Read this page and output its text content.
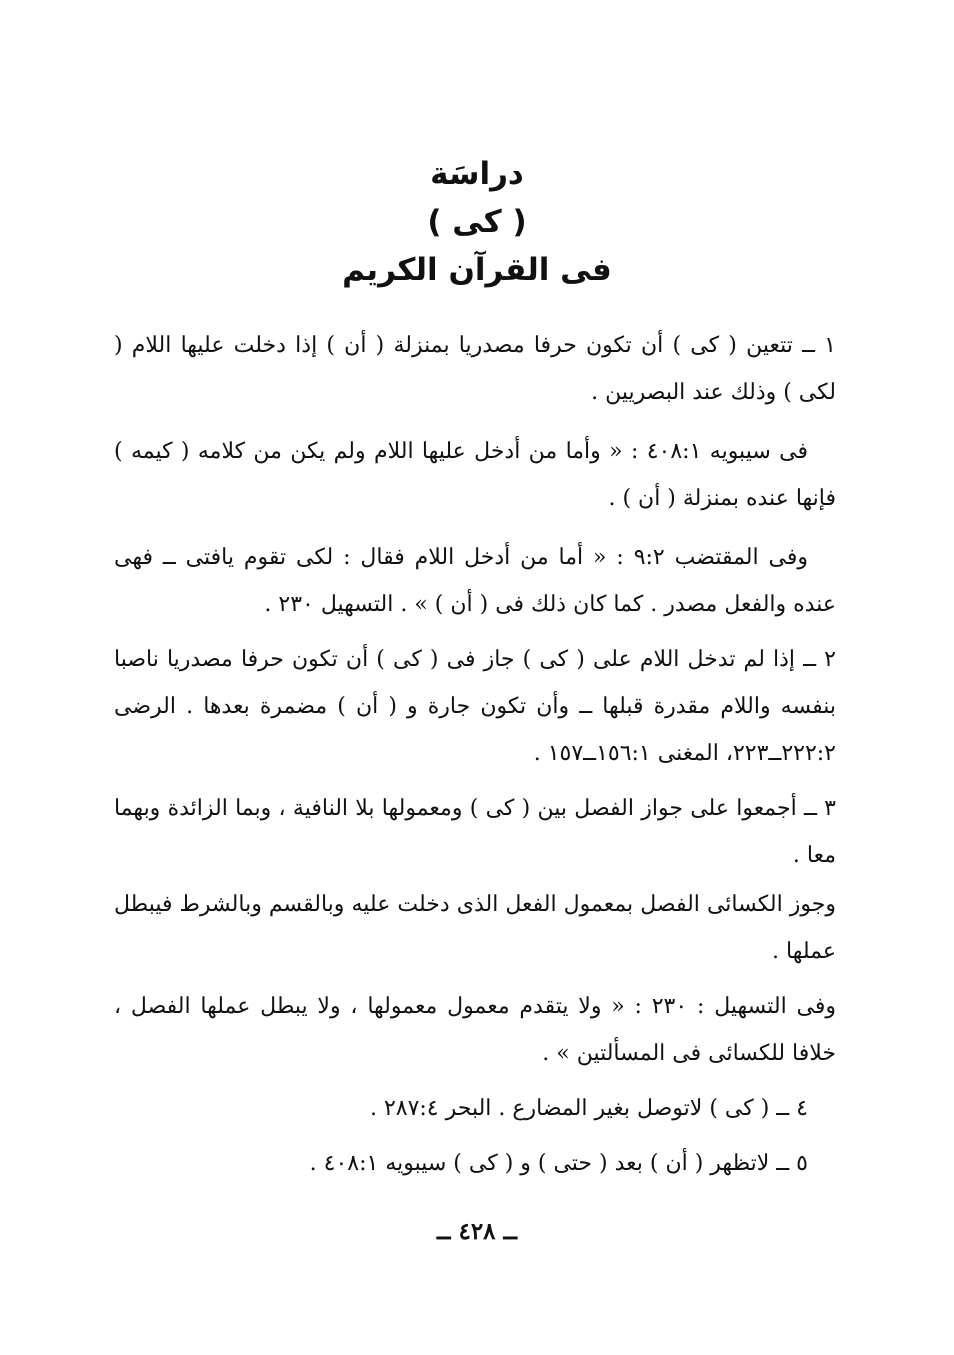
دراسَة

( كى )

فى القرآن الكريم

١ ــ تتعين ( كى ) أن تكون حرفا مصدريا بمنزلة ( أن ) إذا دخلت عليها اللام ( لكى ) وذلك عند البصريين .

فى سيبويه ٤٠٨:١ : « وأما من أدخل عليها اللام ولم يكن من كلامه ( كيمه ) فإنها عنده بمنزلة ( أن ) .

وفى المقتضب ٩:٢ : « أما من أدخل اللام فقال : لكى تقوم يافتى ــ فهى عنده والفعل مصدر . كما كان ذلك فى ( أن ) » . التسهيل ٢٣٠ .

٢ ــ إذا لم تدخل اللام على ( كى ) جاز فى ( كى ) أن تكون حرفا مصدريا ناصبا بنفسه واللام مقدرة قبلها ــ وأن تكون جارة و ( أن ) مضمرة بعدها . الرضى ٢٢٢:٢ــ٢٢٣، المغنى ١٥٦:١ــ١٥٧ .

٣ ــ أجمعوا على جواز الفصل بين ( كى ) ومعمولها بلا النافية ، وبما الزائدة وبهما معا .

وجوز الكسائى الفصل بمعمول الفعل الذى دخلت عليه وبالقسم وبالشرط فيبطل عملها .

وفى التسهيل : ٢٣٠ : « ولا يتقدم معمول معمولها ، ولا يبطل عملها الفصل ، خلافا للكسائى فى المسألتين » .

٤ ــ ( كى ) لاتوصل بغير المضارع . البحر ٢٨٧:٤ .

٥ ــ لاتظهر ( أن ) بعد ( حتى ) و ( كى ) سيبويه ٤٠٨:١ .

ــ ٤٢٨ ــ
